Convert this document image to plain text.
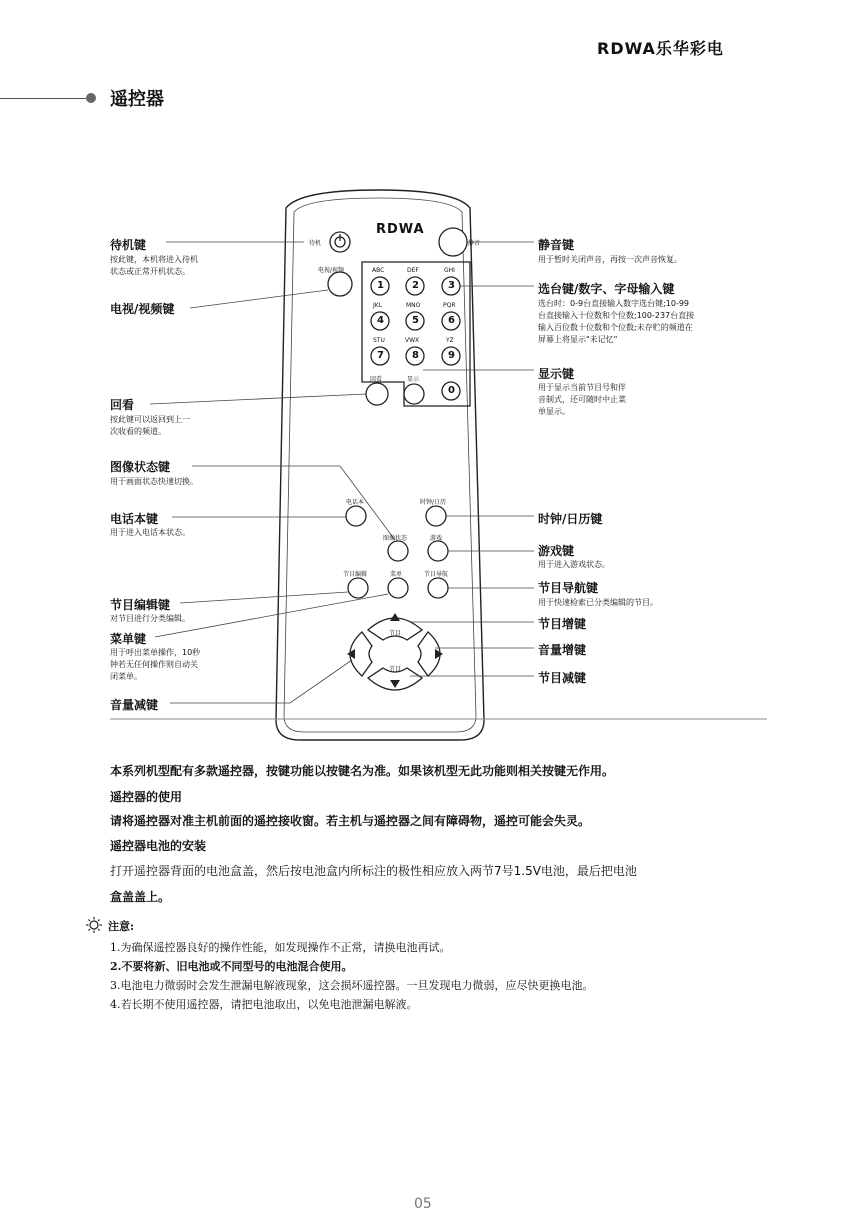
RDWA乐华彩电
遥控器
待机
RDWA
静音
电视/视频	ABC	DEF	GHI
JKL	MNO	PQR
STU	VWX	YZ
1	2	3
4	5	6
7	8	9
0
回看	显示
电话本	时钟/日历
图像状态	游戏
节目编辑	菜单	节目导航
节目
节目
待机键
按此键，本机将进入待机
状态或正常开机状态。
电视/视频键
回看
按此键可以返回到上一
次收看的频道。
图像状态键
用于画面状态快速切换。
电话本键
用于进入电话本状态。
节目编辑键
对节目进行分类编辑。
菜单键
用于呼出菜单操作，10秒
钟若无任何操作则自动关
闭菜单。
音量减键
静音键
用于暂时关闭声音，再按一次声音恢复。
选台键/数字、字母输入键
选台时：0-9台直接输入数字选台键;10-99
台直接输入十位数和个位数;100-237台直接
输入百位数十位数和个位数;未存贮的频道在
屏幕上将显示"未记忆"
显示键
用于显示当前节目号和伴
音制式，还可随时中止菜
单显示。
时钟/日历键
游戏键
用于进入游戏状态。
节目导航键
用于快速检索已分类编辑的节目。
节目增键
音量增键
节目减键
本系列机型配有多款遥控器，按键功能以按键名为准。如果该机型无此功能则相关按键无作用。
遥控器的使用
请将遥控器对准主机前面的遥控接收窗。若主机与遥控器之间有障碍物，遥控可能会失灵。
遥控器电池的安装
打开遥控器背面的电池盒盖，然后按电池盒内所标注的极性相应放入两节7号1.5V电池，最后把电池
盒盖盖上。
注意:
1.为确保遥控器良好的操作性能，如发现操作不正常，请换电池再试。
2.不要将新、旧电池或不同型号的电池混合使用。
3.电池电力微弱时会发生泄漏电解液现象，这会损坏遥控器。一旦发现电力微弱，应尽快更换电池。
4.若长期不使用遥控器，请把电池取出，以免电池泄漏电解液。
05
